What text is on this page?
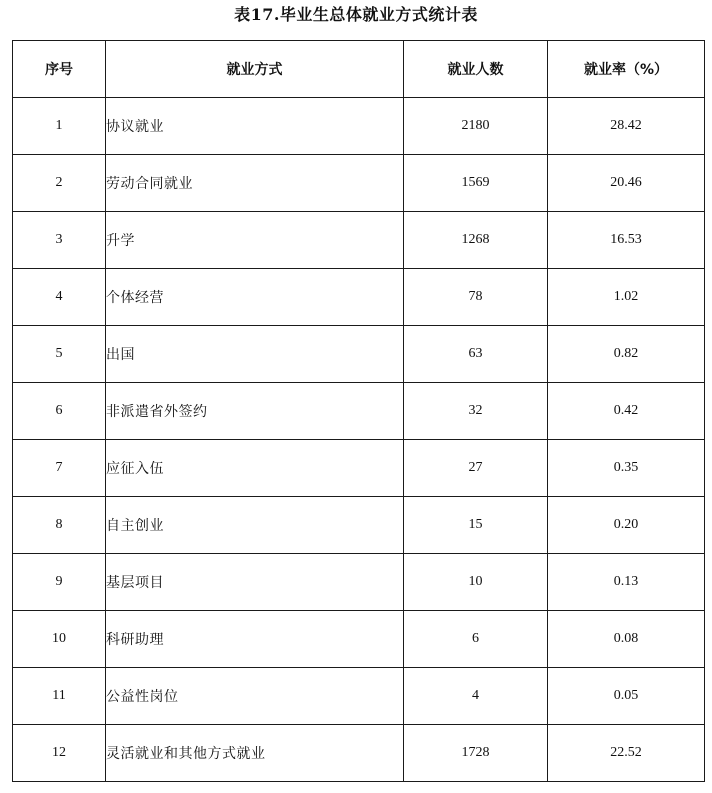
表17.毕业生总体就业方式统计表
序号	就业方式	就业人数	就业率（%）
1	协议就业	2180	28.42
2	劳动合同就业	1569	20.46
3	升学	1268	16.53
4	个体经营	78	1.02
5	出国	63	0.82
6	非派遣省外签约	32	0.42
7	应征入伍	27	0.35
8	自主创业	15	0.20
9	基层项目	10	0.13
10	科研助理	6	0.08
11	公益性岗位	4	0.05
12	灵活就业和其他方式就业	1728	22.52
